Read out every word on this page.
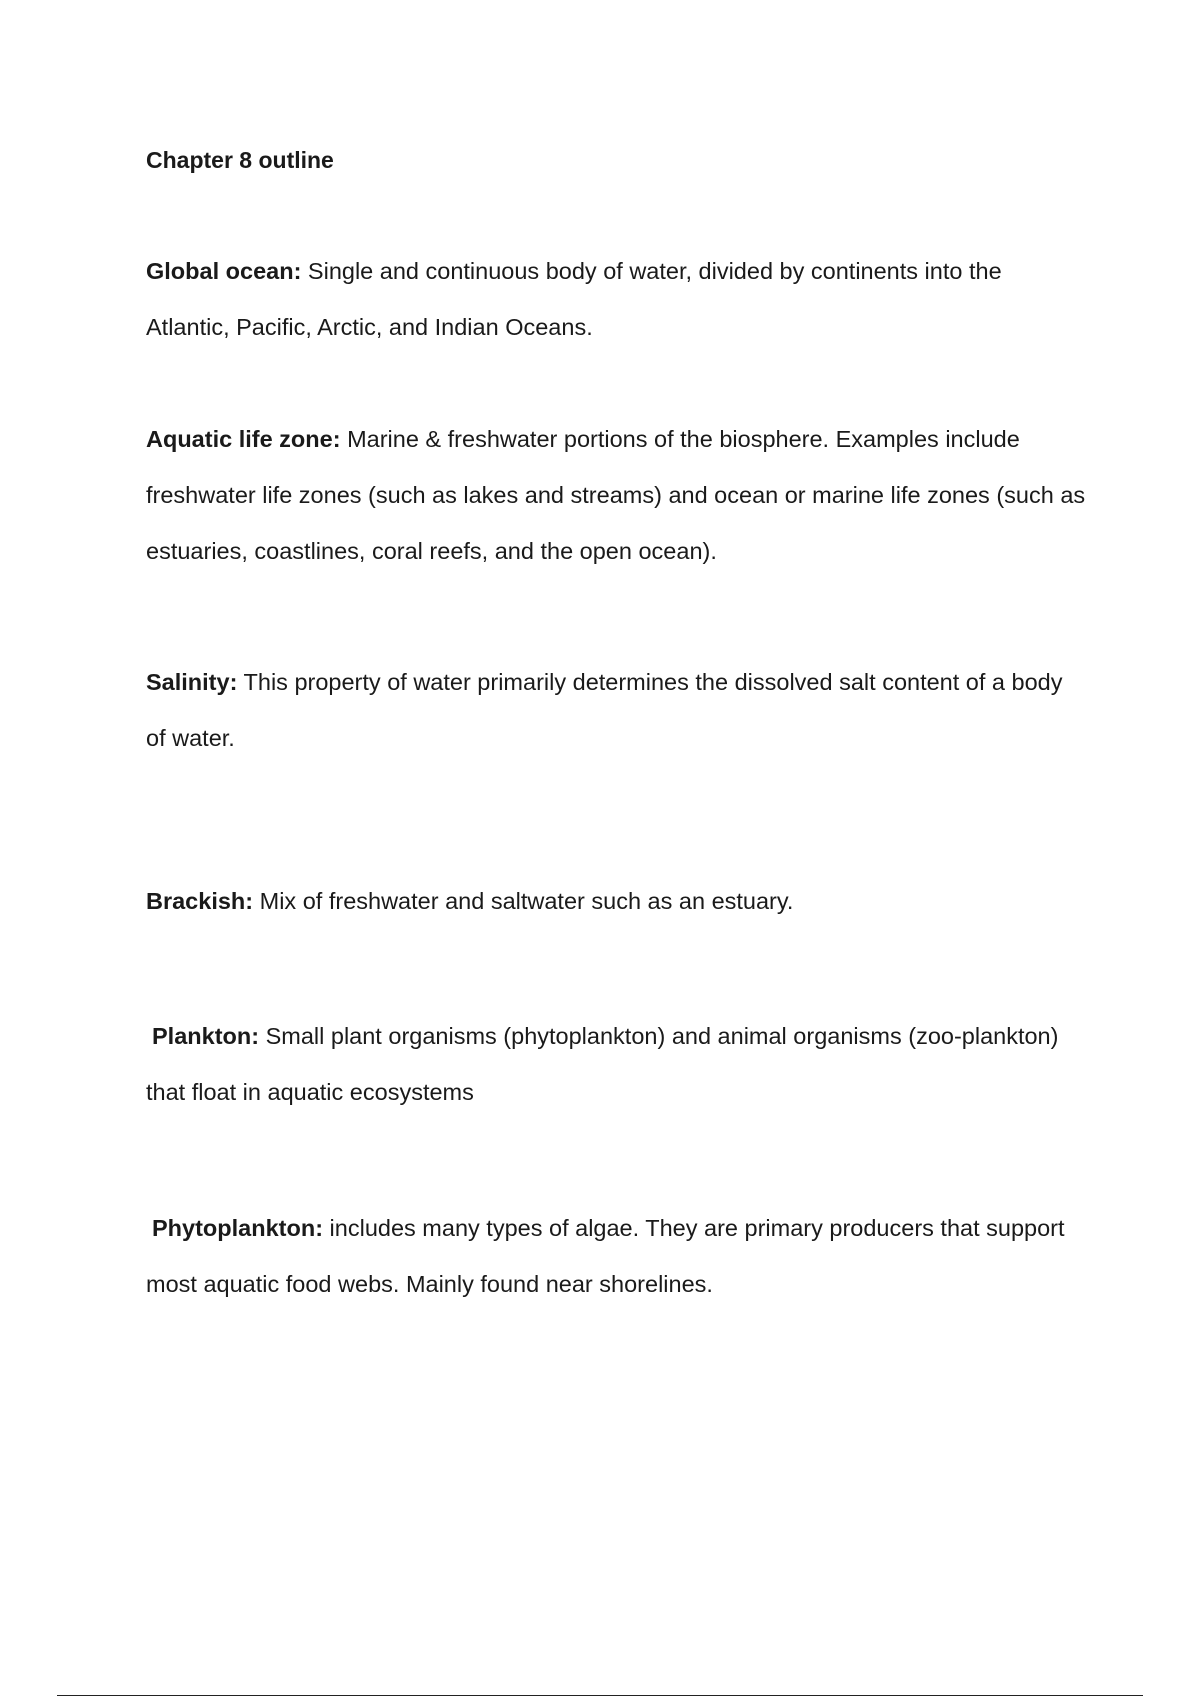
Chapter 8 outline

Global ocean: Single and continuous body of water, divided by continents into the Atlantic, Pacific, Arctic, and Indian Oceans.

Aquatic life zone: Marine & freshwater portions of the biosphere. Examples include freshwater life zones (such as lakes and streams) and ocean or marine life zones (such as estuaries, coastlines, coral reefs, and the open ocean).

Salinity: This property of water primarily determines the dissolved salt content of a body of water.

Brackish: Mix of freshwater and saltwater such as an estuary.

Plankton: Small plant organisms (phytoplankton) and animal organisms (zoo-plankton) that float in aquatic ecosystems

Phytoplankton: includes many types of algae. They are primary producers that support most aquatic food webs. Mainly found near shorelines.
